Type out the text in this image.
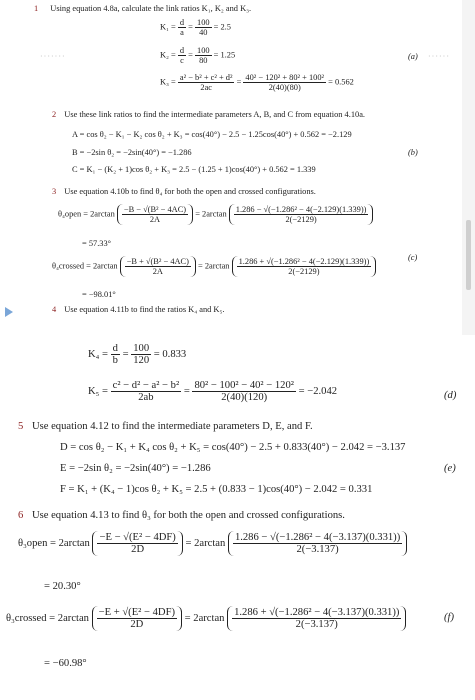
1 Using equation 4.8a, calculate the link ratios K₁, K₂ and K₃.
$K_1 = \frac{d}{a} = \frac{100}{40} = 2.5$
$K_2 = \frac{d}{c} = \frac{100}{80} = 1.25$
$K_3 = \frac{\text{a² − b² + c² + d²}}{2ac} = \frac{\text{40² − 120² + 80² + 100²}}{2(40)(80)} = 0.562$
(a)
·······	······
2 Use these link ratios to find the intermediate parameters A, B, and C from equation 4.10a.
A = cos θ₂ − K₁ − K₂ cos θ₂ + K₃ = cos(40°) − 2.5 − 1.25cos(40°) + 0.562 = −2.129
B = −2sin θ₂ = −2sin(40°) = −1.286
C = K₁ − (K₂ + 1)cos θ₂ + K₃ = 2.5 − (1.25 + 1)cos(40°) + 0.562 = 1.339
(b)
3 Use equation 4.10b to find θ₄ for both the open and crossed configurations.
θ₄open = $2\arctan \frac{\text{−B − √(B² − 4AC)}}{2A} = 2\arctan \frac{\text{1.286 − √(−1.286² − 4(−2.129)(1.339))}}{2(-2129)}$
= 57.33°
θ₄crossed = $2\arctan \frac{\text{−B + √(B² − 4AC)}}{2A} = 2\arctan \frac{\text{1.286 + √(−1.286² − 4(−2.129)(1.339))}}{2(-2129)}$	(c)
= −98.01°
4 Use equation 4.11b to find the ratios K₄ and K₅.
$K_4 = \frac{d}{b} = \frac{100}{120} = 0.833$
$K_5 = \frac{\text{c² − d² − a² − b²}}{2ab} = \frac{\text{80² − 100² − 40² − 120²}}{2(40)(120)} = -2.042$	(d)
5 Use equation 4.12 to find the intermediate parameters D, E, and F.
D = cos θ₂ − K₁ + K₄ cos θ₂ + K₅ = cos(40°) − 2.5 + 0.833(40°) − 2.042 = −3.137
E = −2sin θ₂ = −2sin(40°) = −1.286
F = K₁ + (K₄ − 1)cos θ₂ + K₅ = 2.5 + (0.833 − 1)cos(40°) − 2.042 = 0.331
(e)
6 Use equation 4.13 to find θ₃ for both the open and crossed configurations.
θ₃open = $2\arctan \frac{\text{−E − √(E² − 4DF)}}{2D} = 2\arctan \frac{\text{1.286 − √(−1.286² − 4(−3.137)(0.331))}}{2(-3.137)}$
= 20.30°
(f)
θ₃crossed = $2\arctan \frac{\text{−E + √(E² − 4DF)}}{2D} = 2\arctan \frac{\text{1.286 + √(−1.286² − 4(−3.137)(0.331))}}{2(-3.137)}$
= −60.98°
